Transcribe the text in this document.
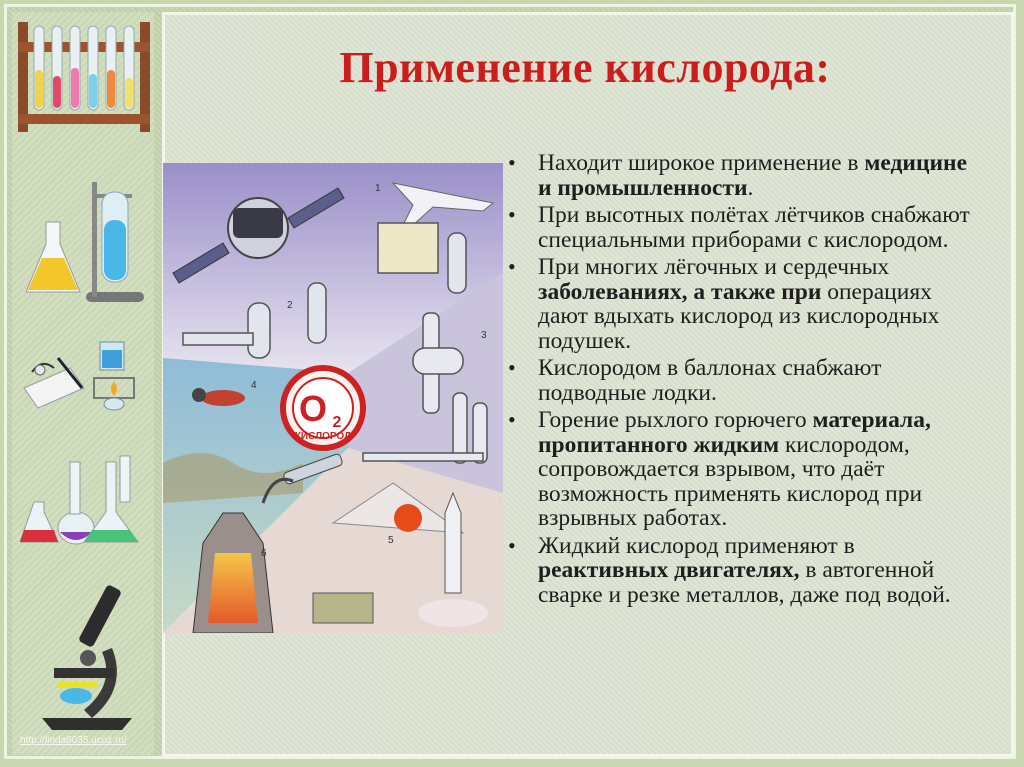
http://linda6035.ucoz.ru/
Применение кислорода:
O 2
КИСЛОРОД
1
2
3
4
5
6
• Находит широкое применение в медицине и промышленности.
• При высотных полётах лётчиков снабжают специальными приборами с кислородом.
• При многих лёгочных и сердечных заболеваниях, а также при операциях дают вдыхать кислород из кислородных подушек.
• Кислородом в баллонах снабжают подводные лодки.
• Горение рыхлого горючего материала, пропитанного жидким кислородом, сопровождается взрывом, что даёт возможность применять кислород при взрывных работах.
• Жидкий кислород применяют в реактивных двигателях, в автогенной сварке и резке металлов, даже под водой.
